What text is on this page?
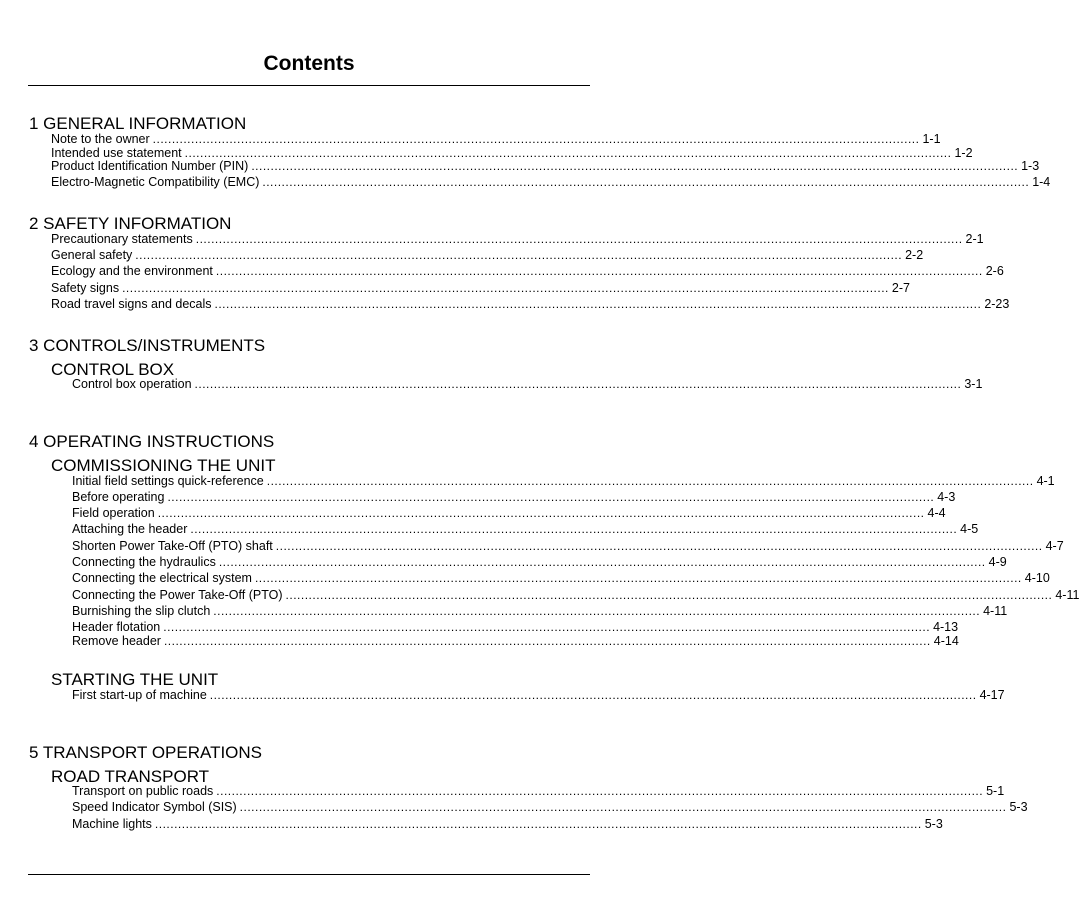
Contents
1 GENERAL INFORMATION
Note to the owner ........................................................................................................................................................................................................ 1-1
Intended use statement ........................................................................................................................................................................................................ 1-2
Product Identification Number (PIN) ........................................................................................................................................................................................................ 1-3
Electro-Magnetic Compatibility (EMC) ........................................................................................................................................................................................................ 1-4
2 SAFETY INFORMATION
Precautionary statements ........................................................................................................................................................................................................ 2-1
General safety ........................................................................................................................................................................................................ 2-2
Ecology and the environment ........................................................................................................................................................................................................ 2-6
Safety signs ........................................................................................................................................................................................................ 2-7
Road travel signs and decals ........................................................................................................................................................................................................ 2-23
3 CONTROLS/INSTRUMENTS
CONTROL BOX
Control box operation ........................................................................................................................................................................................................ 3-1
4 OPERATING INSTRUCTIONS
COMMISSIONING THE UNIT
Initial field settings quick-reference ........................................................................................................................................................................................................ 4-1
Before operating ........................................................................................................................................................................................................ 4-3
Field operation ........................................................................................................................................................................................................ 4-4
Attaching the header ........................................................................................................................................................................................................ 4-5
Shorten Power Take-Off (PTO) shaft ........................................................................................................................................................................................................ 4-7
Connecting the hydraulics ........................................................................................................................................................................................................ 4-9
Connecting the electrical system ........................................................................................................................................................................................................ 4-10
Connecting the Power Take-Off (PTO) ........................................................................................................................................................................................................ 4-11
Burnishing the slip clutch ........................................................................................................................................................................................................ 4-11
Header flotation ........................................................................................................................................................................................................ 4-13
Remove header ........................................................................................................................................................................................................ 4-14
STARTING THE UNIT
First start-up of machine ........................................................................................................................................................................................................ 4-17
5 TRANSPORT OPERATIONS
ROAD TRANSPORT
Transport on public roads ........................................................................................................................................................................................................ 5-1
Speed Indicator Symbol (SIS) ........................................................................................................................................................................................................ 5-3
Machine lights ........................................................................................................................................................................................................ 5-3
